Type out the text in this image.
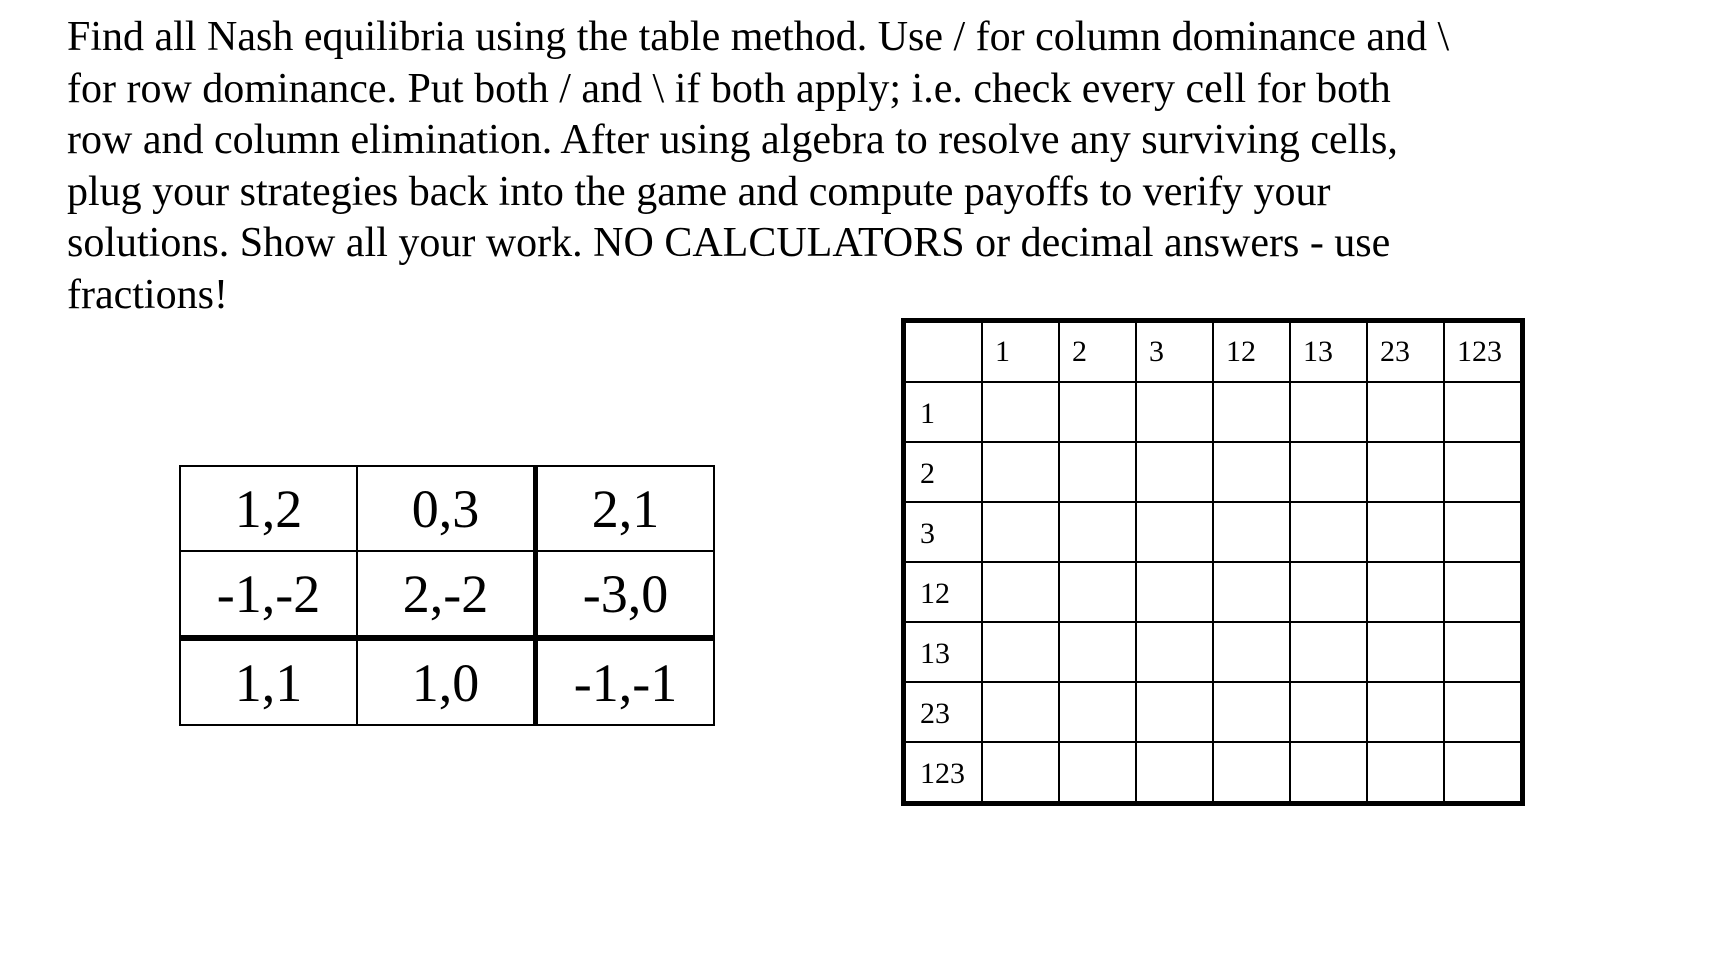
Find all Nash equilibria using the table method. Use / for column dominance and \
for row dominance. Put both / and \ if both apply; i.e. check every cell for both
row and column elimination. After using algebra to resolve any surviving cells,
plug your strategies back into the game and compute payoffs to verify your
solutions. Show all your work. NO CALCULATORS or decimal answers - use
fractions!
1,2	0,3	2,1
-1,-2	2,-2	-3,0
1,1	1,0	-1,-1
	1	2	3	12	13	23	123
1							
2							
3							
12							
13							
23							
123							
